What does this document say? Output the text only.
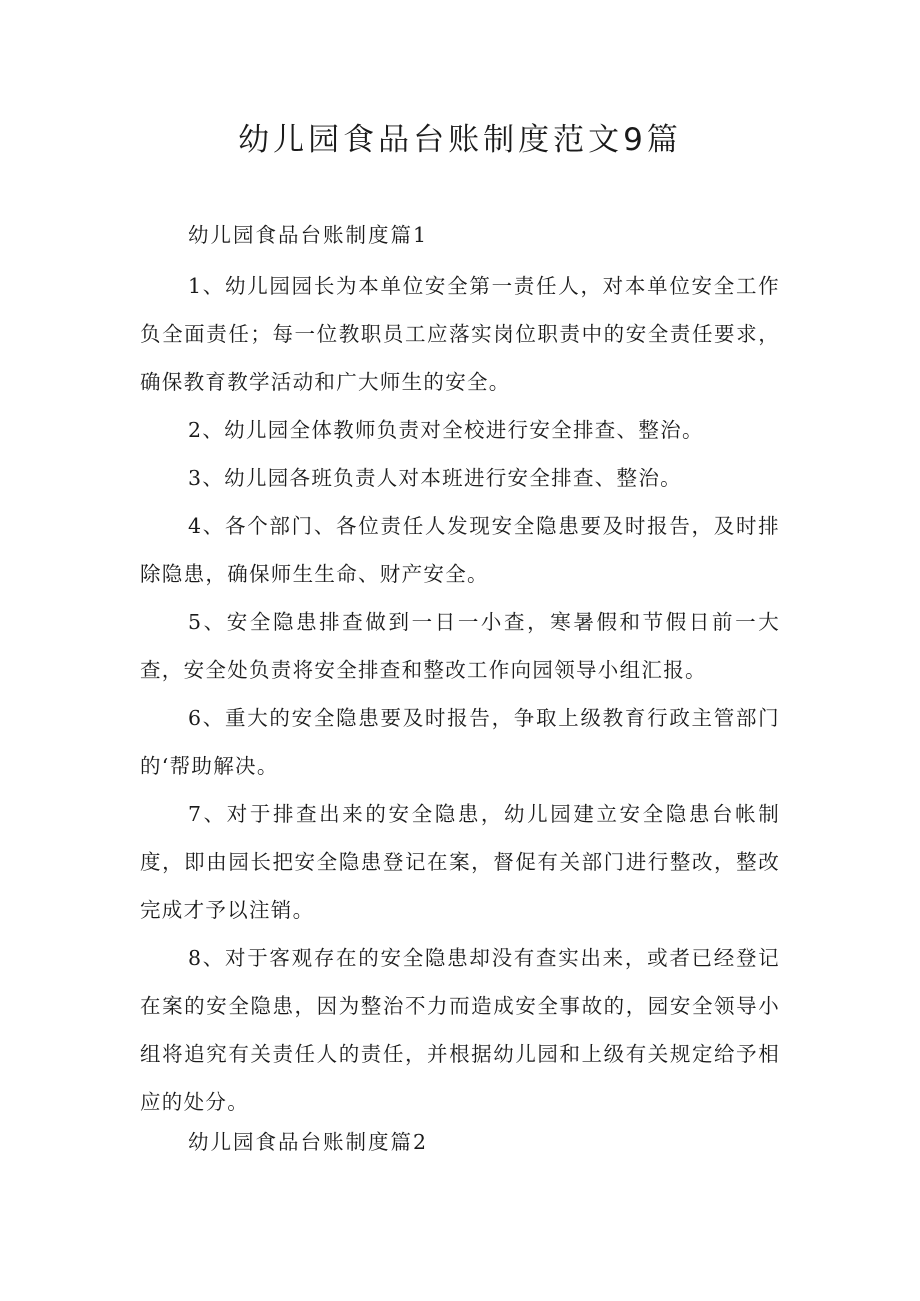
幼儿园食品台账制度范文9篇

幼儿园食品台账制度篇1

1、幼儿园园长为本单位安全第一责任人，对本单位安全工作负全面责任；每一位教职员工应落实岗位职责中的安全责任要求，确保教育教学活动和广大师生的安全。

2、幼儿园全体教师负责对全校进行安全排查、整治。

3、幼儿园各班负责人对本班进行安全排查、整治。

4、各个部门、各位责任人发现安全隐患要及时报告，及时排除隐患，确保师生生命、财产安全。

5、安全隐患排查做到一日一小查，寒暑假和节假日前一大查，安全处负责将安全排查和整改工作向园领导小组汇报。

6、重大的安全隐患要及时报告，争取上级教育行政主管部门的‘帮助解决。

7、对于排查出来的安全隐患，幼儿园建立安全隐患台帐制度，即由园长把安全隐患登记在案，督促有关部门进行整改，整改完成才予以注销。

8、对于客观存在的安全隐患却没有查实出来，或者已经登记在案的安全隐患，因为整治不力而造成安全事故的，园安全领导小组将追究有关责任人的责任，并根据幼儿园和上级有关规定给予相应的处分。

幼儿园食品台账制度篇2
